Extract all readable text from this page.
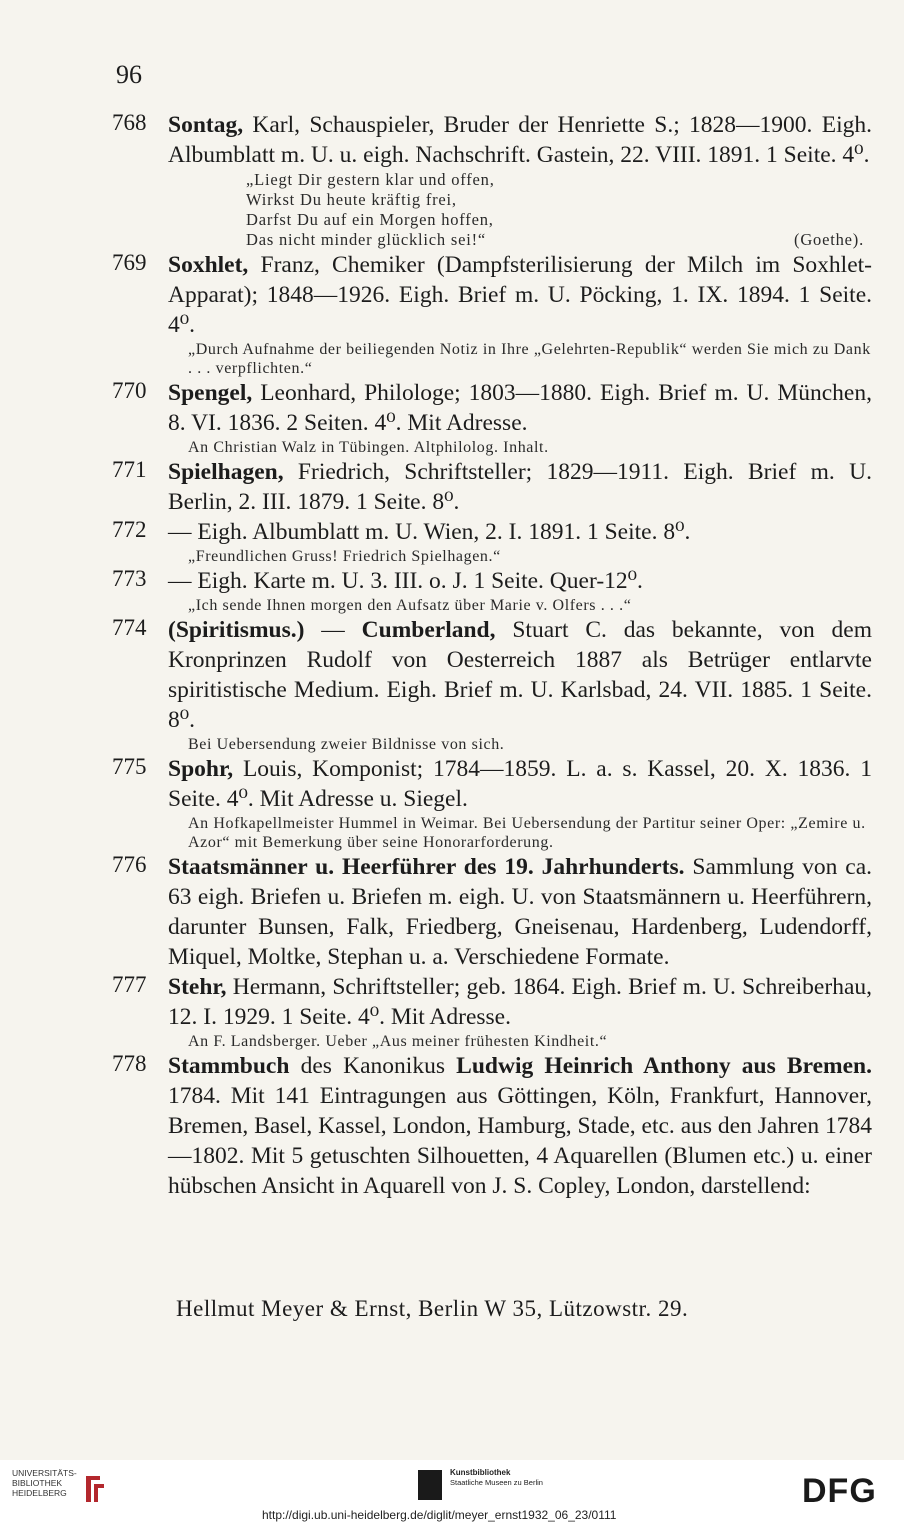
96
768 Sontag, Karl, Schauspieler, Bruder der Henriette S.; 1828—1900. Eigh. Albumblatt m. U. u. eigh. Nachschrift. Gastein, 22. VIII. 1891. 1 Seite. 4⁰.
„Liegt Dir gestern klar und offen,
Wirkst Du heute kräftig frei,
Darfst Du auf ein Morgen hoffen,
Das nicht minder glücklich sei!“	(Goethe).
769 Soxhlet, Franz, Chemiker (Dampfsterilisierung der Milch im Soxhlet-Apparat); 1848—1926. Eigh. Brief m. U. Pöcking, 1. IX. 1894. 1 Seite. 4⁰.
„Durch Aufnahme der beiliegenden Notiz in Ihre „Gelehrten-Republik“ werden Sie mich zu Dank . . . verpflichten.“
770 Spengel, Leonhard, Philologe; 1803—1880. Eigh. Brief m. U. München, 8. VI. 1836. 2 Seiten. 4⁰. Mit Adresse.
An Christian Walz in Tübingen. Altphilolog. Inhalt.
771 Spielhagen, Friedrich, Schriftsteller; 1829—1911. Eigh. Brief m. U. Berlin, 2. III. 1879. 1 Seite. 8⁰.
772 — Eigh. Albumblatt m. U. Wien, 2. I. 1891. 1 Seite. 8⁰.
„Freundlichen Gruss! Friedrich Spielhagen.“
773 — Eigh. Karte m. U. 3. III. o. J. 1 Seite. Quer-12⁰.
„Ich sende Ihnen morgen den Aufsatz über Marie v. Olfers . . .“
774 (Spiritismus.) — Cumberland, Stuart C. das bekannte, von dem Kronprinzen Rudolf von Oesterreich 1887 als Betrüger entlarvte spiritistische Medium. Eigh. Brief m. U. Karlsbad, 24. VII. 1885. 1 Seite. 8⁰.
Bei Uebersendung zweier Bildnisse von sich.
775 Spohr, Louis, Komponist; 1784—1859. L. a. s. Kassel, 20. X. 1836. 1 Seite. 4⁰. Mit Adresse u. Siegel.
An Hofkapellmeister Hummel in Weimar. Bei Uebersendung der Partitur seiner Oper: „Zemire u. Azor“ mit Bemerkung über seine Honorarforderung.
776 Staatsmänner u. Heerführer des 19. Jahrhunderts. Sammlung von ca. 63 eigh. Briefen u. Briefen m. eigh. U. von Staatsmännern u. Heerführern, darunter Bunsen, Falk, Friedberg, Gneisenau, Hardenberg, Ludendorff, Miquel, Moltke, Stephan u. a. Verschiedene Formate.
777 Stehr, Hermann, Schriftsteller; geb. 1864. Eigh. Brief m. U. Schreiberhau, 12. I. 1929. 1 Seite. 4⁰. Mit Adresse.
An F. Landsberger. Ueber „Aus meiner frühesten Kindheit.“
778 Stammbuch des Kanonikus Ludwig Heinrich Anthony aus Bremen. 1784. Mit 141 Eintragungen aus Göttingen, Köln, Frankfurt, Hannover, Bremen, Basel, Kassel, London, Hamburg, Stade, etc. aus den Jahren 1784—1802. Mit 5 getuschten Silhouetten, 4 Aquarellen (Blumen etc.) u. einer hübschen Ansicht in Aquarell von J. S. Copley, London, darstellend:
Hellmut Meyer & Ernst, Berlin W 35, Lützowstr. 29.
UNIVERSITÄTS-
BIBLIOTHEK
HEIDELBERG
Kunstbibliothek
Staatliche Museen zu Berlin	DFG
http://digi.ub.uni-heidelberg.de/diglit/meyer_ernst1932_06_23/0111
